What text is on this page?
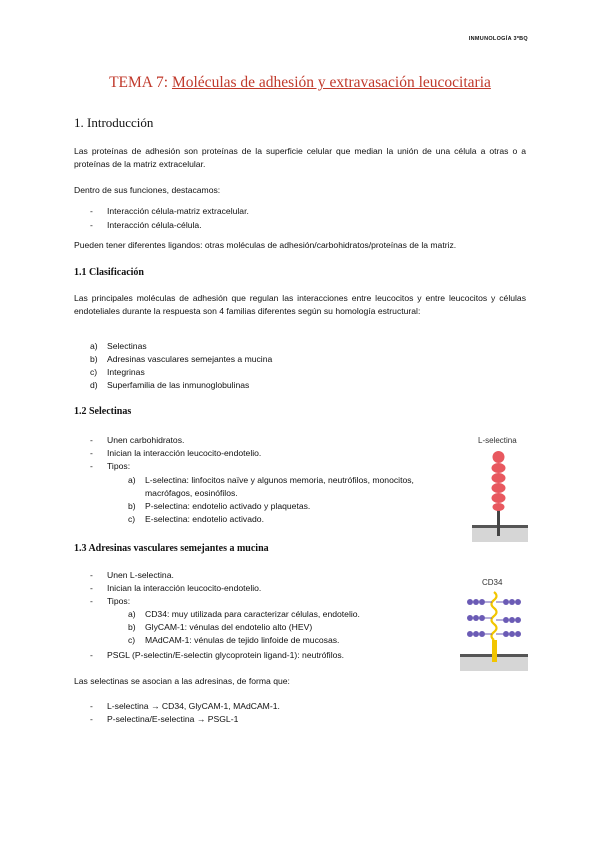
INMUNOLOGÍA 3ºBQ
TEMA 7: Moléculas de adhesión y extravasación leucocitaria
1. Introducción
Las proteínas de adhesión son proteínas de la superficie celular que median la unión de una célula a otras o a proteínas de la matriz extracelular.
Dentro de sus funciones, destacamos:
- Interacción célula-matriz extracelular.
- Interacción célula-célula.
Pueden tener diferentes ligandos: otras moléculas de adhesión/carbohidratos/proteínas de la matriz.
1.1 Clasificación
Las principales moléculas de adhesión que regulan las interacciones entre leucocitos y entre leucocitos y células endoteliales durante la respuesta son 4 familias diferentes según su homología estructural:
a) Selectinas
b) Adresinas vasculares semejantes a mucina
c) Integrinas
d) Superfamilia de las inmunoglobulinas
1.2 Selectinas
- Unen carbohidratos.
- Inician la interacción leucocito-endotelio.
- Tipos:
a) L-selectina: linfocitos naïve y algunos memoria, neutrófilos, monocitos,
macrófagos, eosinófilos.
b) P-selectina: endotelio activado y plaquetas.
c) E-selectina: endotelio activado.
L-selectina
1.3 Adresinas vasculares semejantes a mucina
- Unen L-selectina.
- Inician la interacción leucocito-endotelio.
- Tipos:
a) CD34: muy utilizada para caracterizar células, endotelio.
b) GlyCAM-1: vénulas del endotelio alto (HEV)
c) MAdCAM-1: vénulas de tejido linfoide de mucosas.
- PSGL (P-selectin/E-selectin glycoprotein ligand-1): neutrófilos.
CD34
Las selectinas se asocian a las adresinas, de forma que:
- L-selectina → CD34, GlyCAM-1, MAdCAM-1.
- P-selectina/E-selectina → PSGL-1
